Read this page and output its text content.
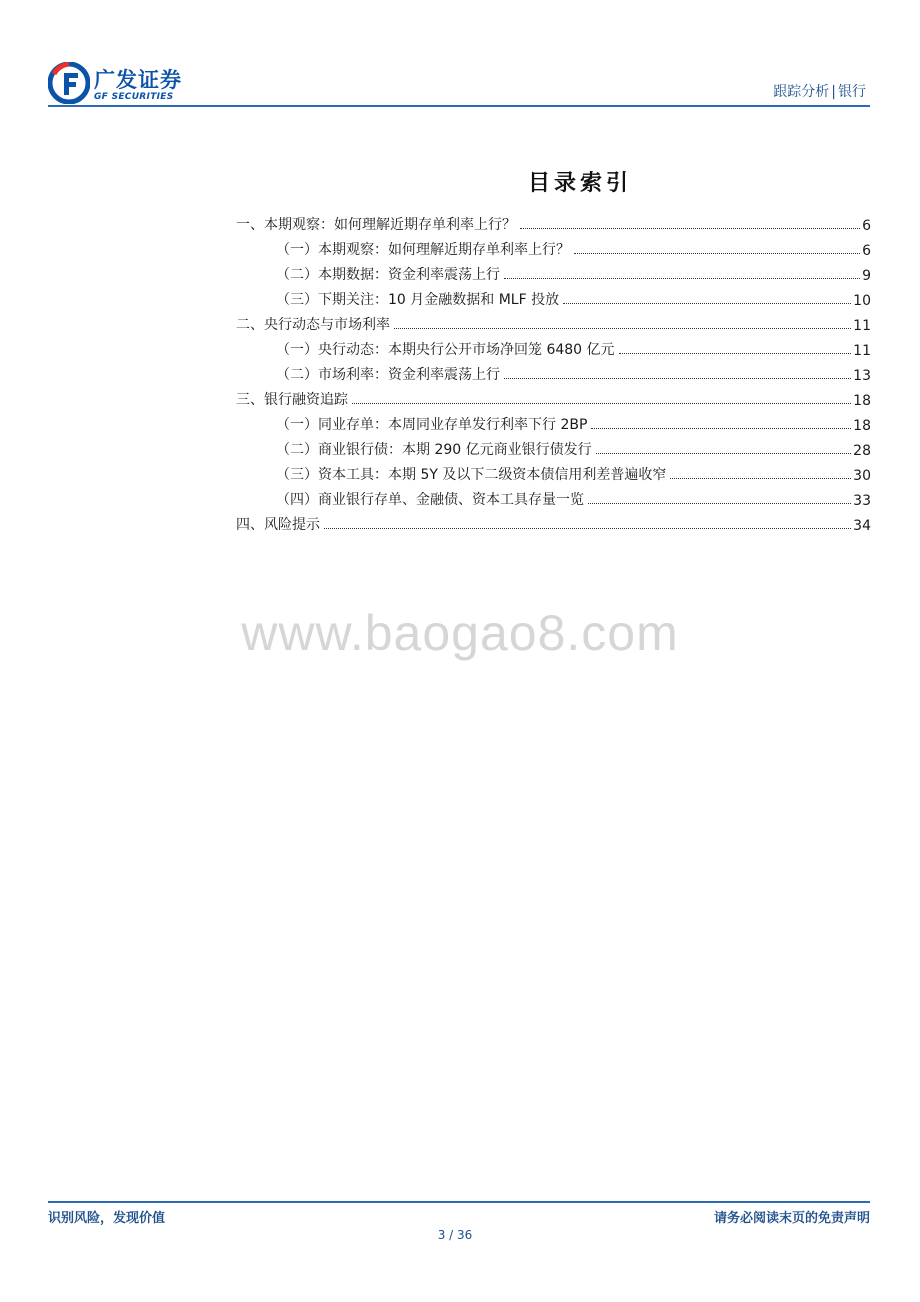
广发证券
GF SECURITIES	跟踪分析 | 银行
目录索引
一、本期观察：如何理解近期存单利率上行？	6
（一）本期观察：如何理解近期存单利率上行？	6
（二）本期数据：资金利率震荡上行	9
（三）下期关注：10 月金融数据和 MLF 投放	10
二、央行动态与市场利率	11
（一）央行动态：本期央行公开市场净回笼 6480 亿元	11
（二）市场利率：资金利率震荡上行	13
三、银行融资追踪	18
（一）同业存单：本周同业存单发行利率下行 2BP	18
（二）商业银行债：本期 290 亿元商业银行债发行	28
（三）资本工具：本期 5Y 及以下二级资本债信用利差普遍收窄	30
（四）商业银行存单、金融债、资本工具存量一览	33
四、风险提示	34
www.baogao8.com
识别风险，发现价值	请务必阅读末页的免责声明
3 / 36
